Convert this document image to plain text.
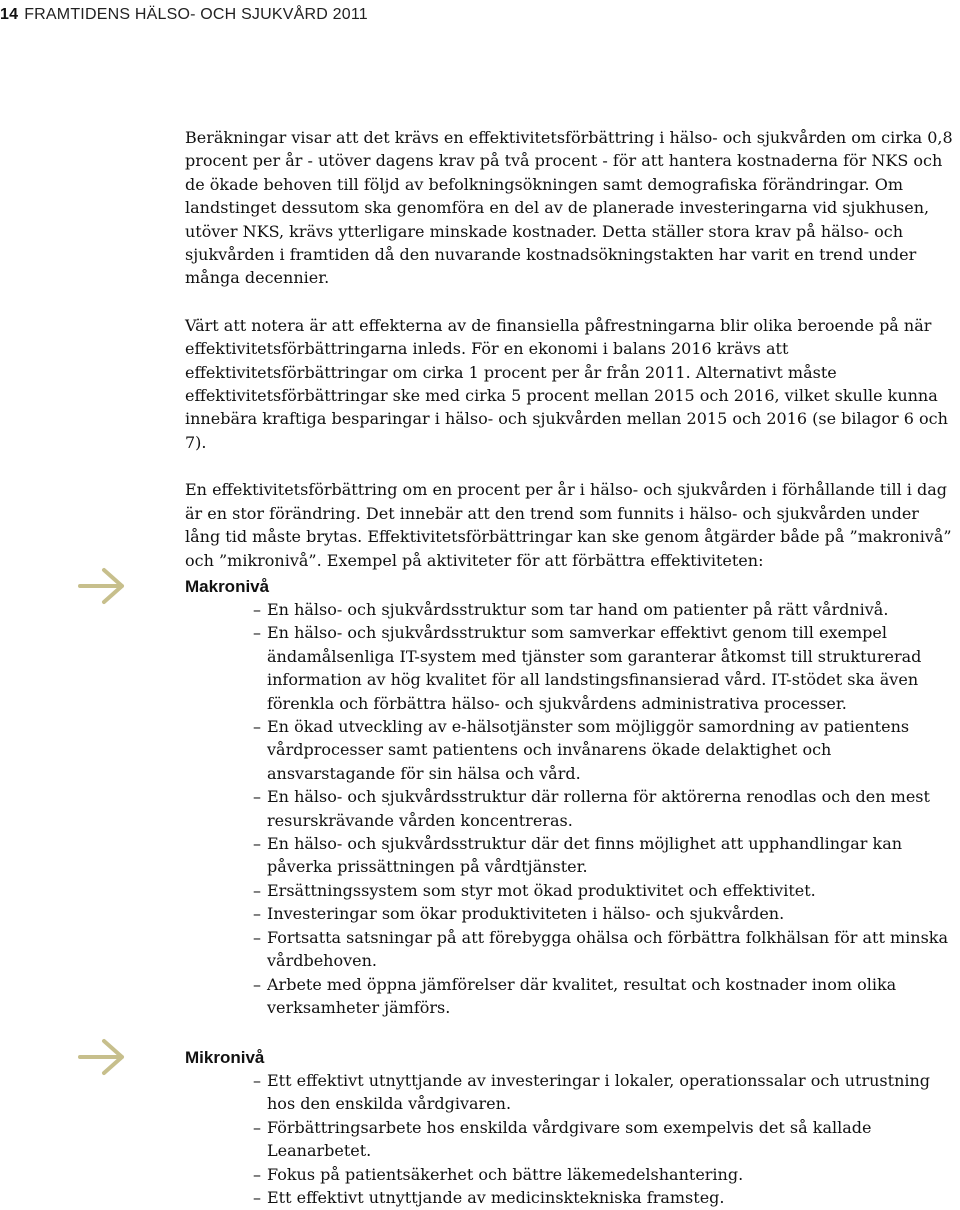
14 FRAMTIDENS HÄLSO- OCH SJUKVÅRD 2011

Beräkningar visar att det krävs en effektivitetsförbättring i hälso- och sjukvården om cirka 0,8 procent per år - utöver dagens krav på två procent - för att hantera kostnaderna för NKS och de ökade behoven till följd av befolkningsökningen samt demografiska förändringar. Om landstinget dessutom ska genomföra en del av de planerade investeringarna vid sjukhusen, utöver NKS, krävs ytterligare minskade kostnader. Detta ställer stora krav på hälso- och sjukvården i framtiden då den nuvarande kostnadsökningstakten har varit en trend under många decennier.

Värt att notera är att effekterna av de finansiella påfrestningarna blir olika beroende på när effektivitetsförbättringarna inleds. För en ekonomi i balans 2016 krävs att effektivitetsförbättringar om cirka 1 procent per år från 2011. Alternativt måste effektivitetsförbättringar ske med cirka 5 procent mellan 2015 och 2016, vilket skulle kunna innebära kraftiga besparingar i hälso- och sjukvården mellan 2015 och 2016 (se bilagor 6 och 7).

En effektivitetsförbättring om en procent per år i hälso- och sjukvården i förhållande till i dag är en stor förändring. Det innebär att den trend som funnits i hälso- och sjukvården under lång tid måste brytas. Effektivitetsförbättringar kan ske genom åtgärder både på ”makronivå” och ”mikronivå”. Exempel på aktiviteter för att förbättra effektiviteten:

Makronivå
– En hälso- och sjukvårdsstruktur som tar hand om patienter på rätt vårdnivå.
– En hälso- och sjukvårdsstruktur som samverkar effektivt genom till exempel ändamålsenliga IT-system med tjänster som garanterar åtkomst till strukturerad information av hög kvalitet för all landstingsfinansierad vård. IT-stödet ska även förenkla och förbättra hälso- och sjukvårdens administrativa processer.
– En ökad utveckling av e-hälsotjänster som möjliggör samordning av patientens vårdprocesser samt patientens och invånarens ökade delaktighet och ansvarstagande för sin hälsa och vård.
– En hälso- och sjukvårdsstruktur där rollerna för aktörerna renodlas och den mest resurskrävande vården koncentreras.
– En hälso- och sjukvårdsstruktur där det finns möjlighet att upphandlingar kan påverka prissättningen på vårdtjänster.
– Ersättningssystem som styr mot ökad produktivitet och effektivitet.
– Investeringar som ökar produktiviteten i hälso- och sjukvården.
– Fortsatta satsningar på att förebygga ohälsa och förbättra folkhälsan för att minska vårdbehoven.
– Arbete med öppna jämförelser där kvalitet, resultat och kostnader inom olika verksamheter jämförs.
Mikronivå
– Ett effektivt utnyttjande av investeringar i lokaler, operationssalar och utrustning hos den enskilda vårdgivaren.
– Förbättringsarbete hos enskilda vårdgivare som exempelvis det så kallade Leanarbetet.
– Fokus på patientsäkerhet och bättre läkemedelshantering.
– Ett effektivt utnyttjande av medicinsktekniska framsteg.
